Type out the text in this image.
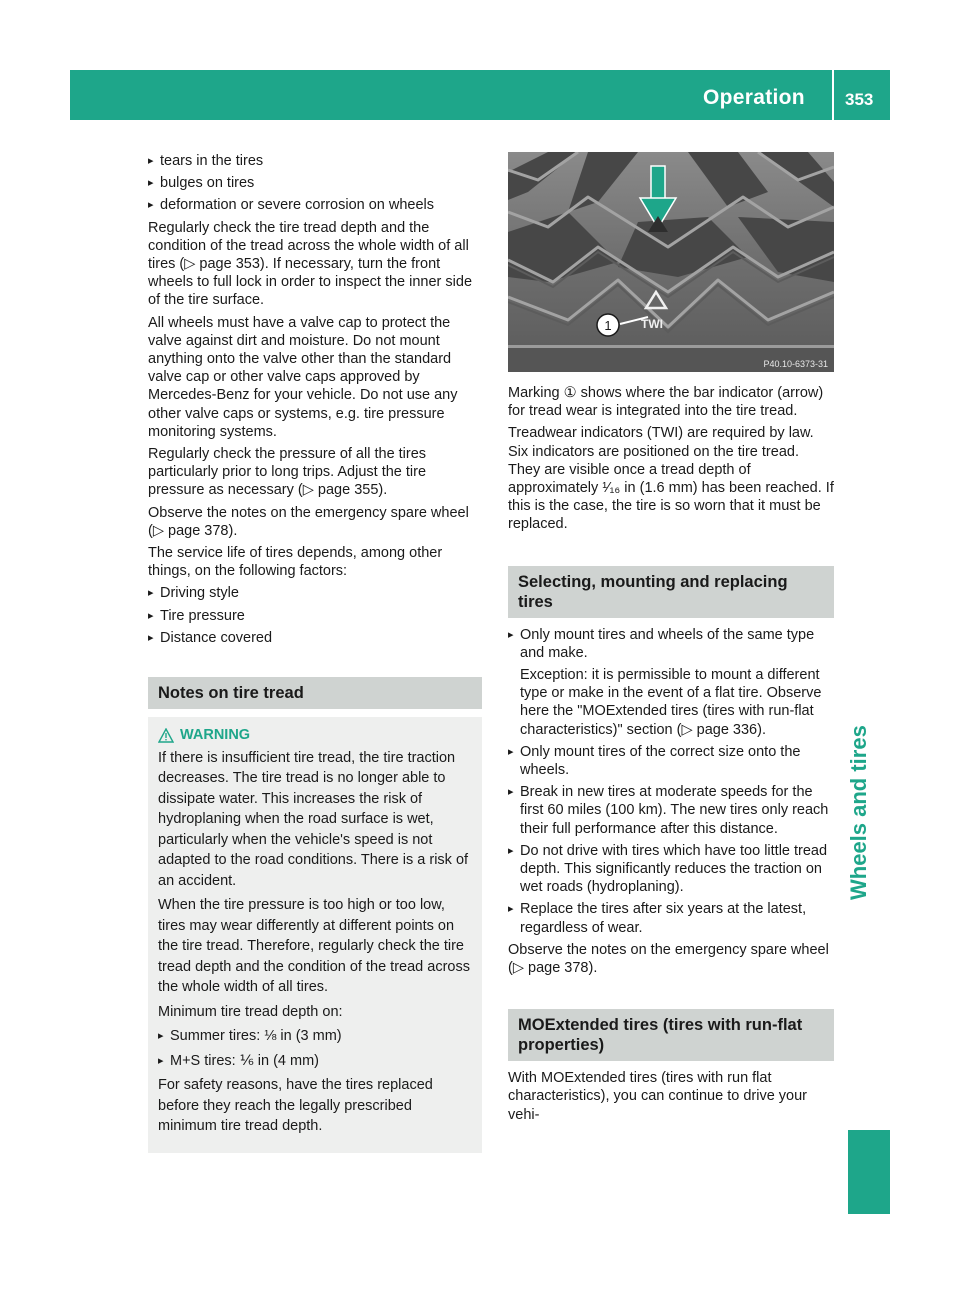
Operation 353
Wheels and tires
▸ tears in the tires
▸ bulges on tires
▸ deformation or severe corrosion on wheels

Regularly check the tire tread depth and the condition of the tread across the whole width of all tires (▷ page 353). If necessary, turn the front wheels to full lock in order to inspect the inner side of the tire surface.

All wheels must have a valve cap to protect the valve against dirt and moisture. Do not mount anything onto the valve other than the standard valve cap or other valve caps approved by Mercedes-Benz for your vehicle. Do not use any other valve caps or systems, e.g. tire pressure monitoring systems.

Regularly check the pressure of all the tires particularly prior to long trips. Adjust the tire pressure as necessary (▷ page 355).

Observe the notes on the emergency spare wheel (▷ page 378).

The service life of tires depends, among other things, on the following factors:

▸ Driving style
▸ Tire pressure
▸ Distance covered
Notes on tire tread
WARNING

If there is insufficient tire tread, the tire traction decreases. The tire tread is no longer able to dissipate water. This increases the risk of hydroplaning when the road surface is wet, particularly when the vehicle's speed is not adapted to the road conditions. There is a risk of an accident.

When the tire pressure is too high or too low, tires may wear differently at different points on the tire tread. Therefore, regularly check the tire tread depth and the condition of the tread across the whole width of all tires.

Minimum tire tread depth on:

▸ Summer tires: ⅛ in (3 mm)
▸ M+S tires: ⅙ in (4 mm)

For safety reasons, have the tires replaced before they reach the legally prescribed minimum tire tread depth.

TWI
1
P40.10-6373-31

Marking ① shows where the bar indicator (arrow) for tread wear is integrated into the tire tread.

Treadwear indicators (TWI) are required by law. Six indicators are positioned on the tire tread. They are visible once a tread depth of approximately ¹⁄₁₆ in (1.6 mm) has been reached. If this is the case, the tire is so worn that it must be replaced.

Selecting, mounting and replacing tires
▸ Only mount tires and wheels of the same type and make.

Exception: it is permissible to mount a different type or make in the event of a flat tire. Observe here the "MOExtended tires (tires with run-flat characteristics)" section (▷ page 336).

▸ Only mount tires of the correct size onto the wheels.
▸ Break in new tires at moderate speeds for the first 60 miles (100 km). The new tires only reach their full performance after this distance.
▸ Do not drive with tires which have too little tread depth. This significantly reduces the traction on wet roads (hydroplaning).
▸ Replace the tires after six years at the latest, regardless of wear.

Observe the notes on the emergency spare wheel (▷ page 378).

MOExtended tires (tires with run-flat properties)

With MOExtended tires (tires with run flat characteristics), you can continue to drive your vehi-
